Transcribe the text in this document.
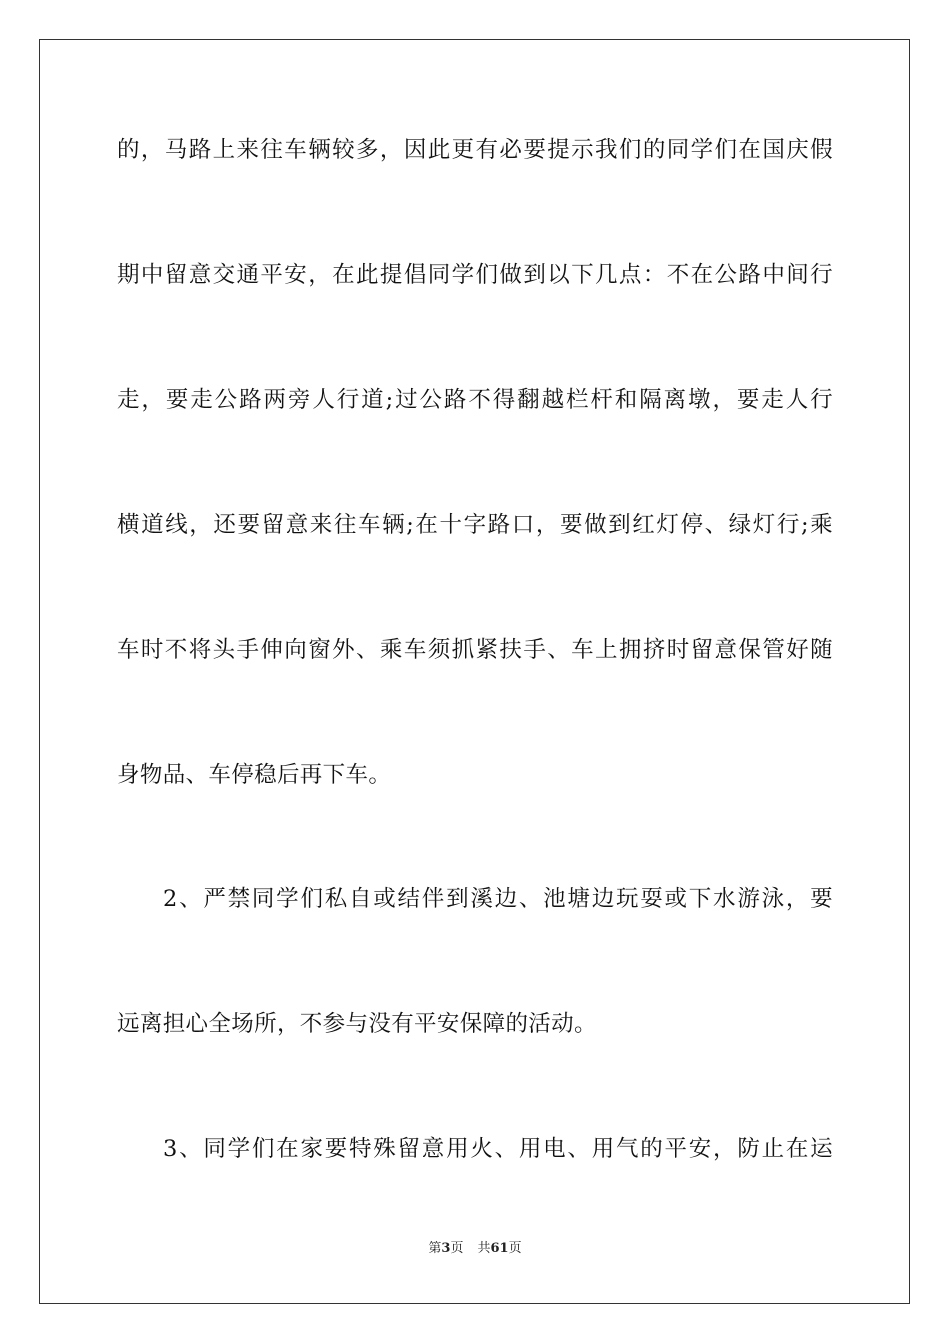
的，马路上来往车辆较多，因此更有必要提示我们的同学们在国庆假
期中留意交通平安，在此提倡同学们做到以下几点：不在公路中间行
走，要走公路两旁人行道;过公路不得翻越栏杆和隔离墩，要走人行
横道线，还要留意来往车辆;在十字路口，要做到红灯停、绿灯行;乘
车时不将头手伸向窗外、乘车须抓紧扶手、车上拥挤时留意保管好随
身物品、车停稳后再下车。
2、严禁同学们私自或结伴到溪边、池塘边玩耍或下水游泳，要
远离担心全场所，不参与没有平安保障的活动。
3、同学们在家要特殊留意用火、用电、用气的平安，防止在运
第3页 共61页
